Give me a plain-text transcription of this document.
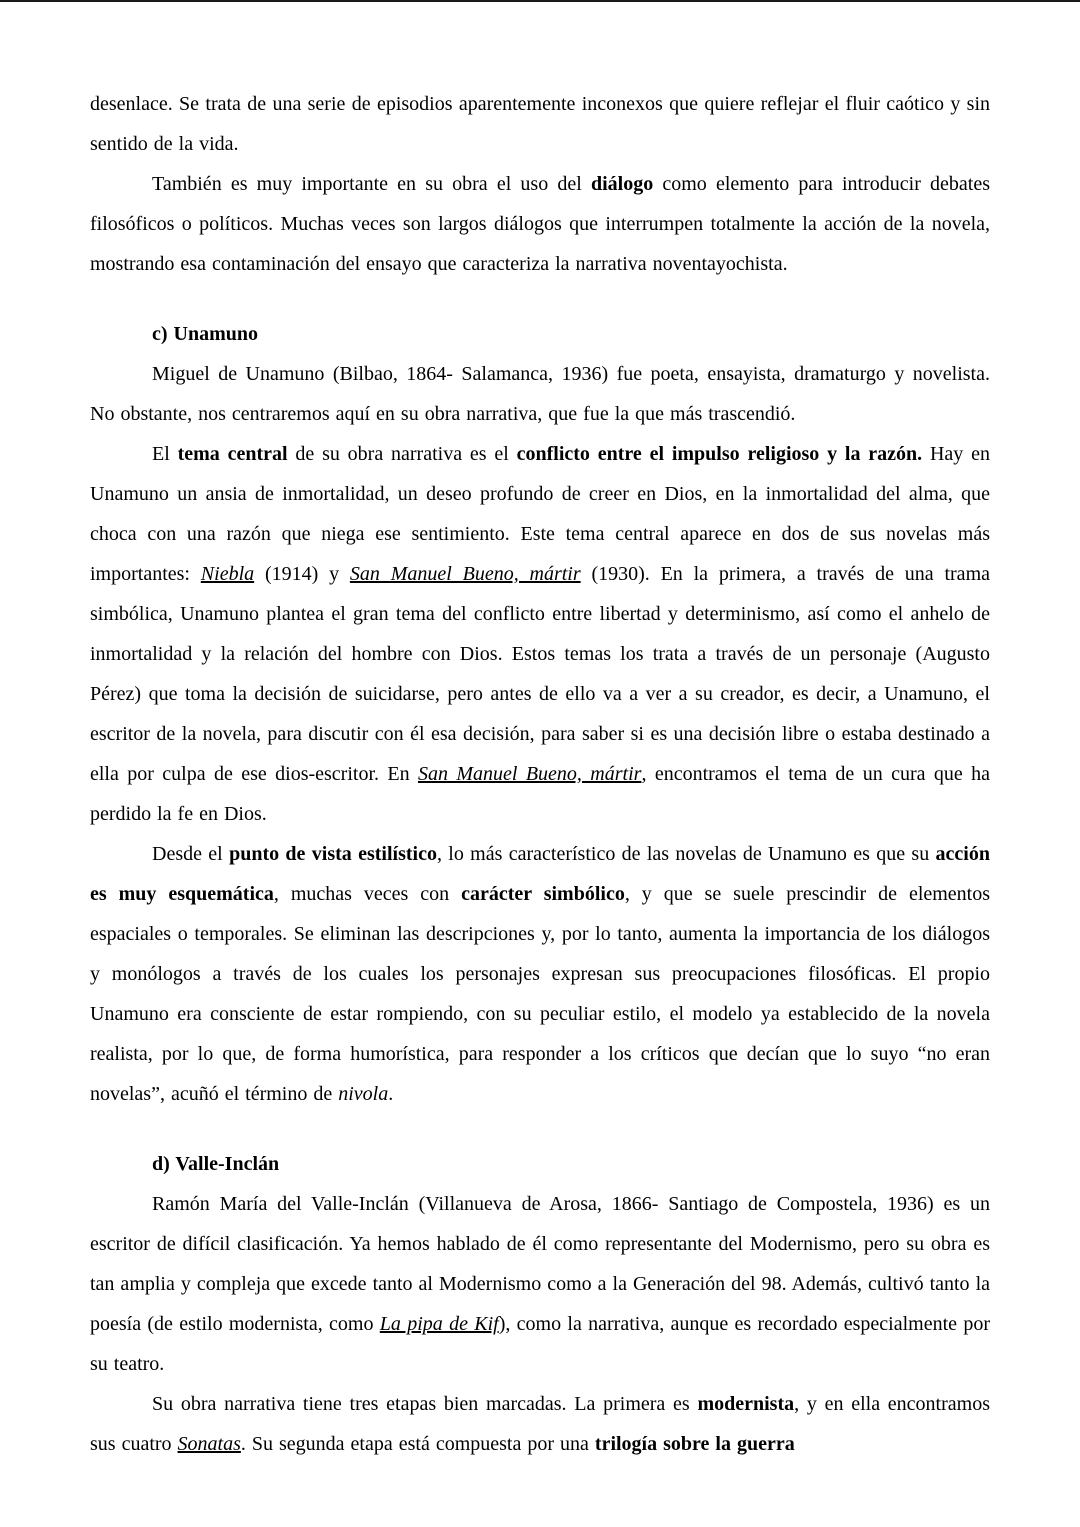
desenlace. Se trata de una serie de episodios aparentemente inconexos que quiere reflejar el fluir caótico y sin sentido de la vida.

También es muy importante en su obra el uso del diálogo como elemento para introducir debates filosóficos o políticos. Muchas veces son largos diálogos que interrumpen totalmente la acción de la novela, mostrando esa contaminación del ensayo que caracteriza la narrativa noventayochista.

c) Unamuno

Miguel de Unamuno (Bilbao, 1864- Salamanca, 1936) fue poeta, ensayista, dramaturgo y novelista. No obstante, nos centraremos aquí en su obra narrativa, que fue la que más trascendió.

El tema central de su obra narrativa es el conflicto entre el impulso religioso y la razón. Hay en Unamuno un ansia de inmortalidad, un deseo profundo de creer en Dios, en la inmortalidad del alma, que choca con una razón que niega ese sentimiento. Este tema central aparece en dos de sus novelas más importantes: Niebla (1914) y San Manuel Bueno, mártir (1930). En la primera, a través de una trama simbólica, Unamuno plantea el gran tema del conflicto entre libertad y determinismo, así como el anhelo de inmortalidad y la relación del hombre con Dios. Estos temas los trata a través de un personaje (Augusto Pérez) que toma la decisión de suicidarse, pero antes de ello va a ver a su creador, es decir, a Unamuno, el escritor de la novela, para discutir con él esa decisión, para saber si es una decisión libre o estaba destinado a ella por culpa de ese dios-escritor. En San Manuel Bueno, mártir, encontramos el tema de un cura que ha perdido la fe en Dios.

Desde el punto de vista estilístico, lo más característico de las novelas de Unamuno es que su acción es muy esquemática, muchas veces con carácter simbólico, y que se suele prescindir de elementos espaciales o temporales. Se eliminan las descripciones y, por lo tanto, aumenta la importancia de los diálogos y monólogos a través de los cuales los personajes expresan sus preocupaciones filosóficas. El propio Unamuno era consciente de estar rompiendo, con su peculiar estilo, el modelo ya establecido de la novela realista, por lo que, de forma humorística, para responder a los críticos que decían que lo suyo “no eran novelas”, acuñó el término de nivola.

d) Valle-Inclán

Ramón María del Valle-Inclán (Villanueva de Arosa, 1866- Santiago de Compostela, 1936) es un escritor de difícil clasificación. Ya hemos hablado de él como representante del Modernismo, pero su obra es tan amplia y compleja que excede tanto al Modernismo como a la Generación del 98. Además, cultivó tanto la poesía (de estilo modernista, como La pipa de Kif), como la narrativa, aunque es recordado especialmente por su teatro.

Su obra narrativa tiene tres etapas bien marcadas. La primera es modernista, y en ella encontramos sus cuatro Sonatas. Su segunda etapa está compuesta por una trilogía sobre la guerra
